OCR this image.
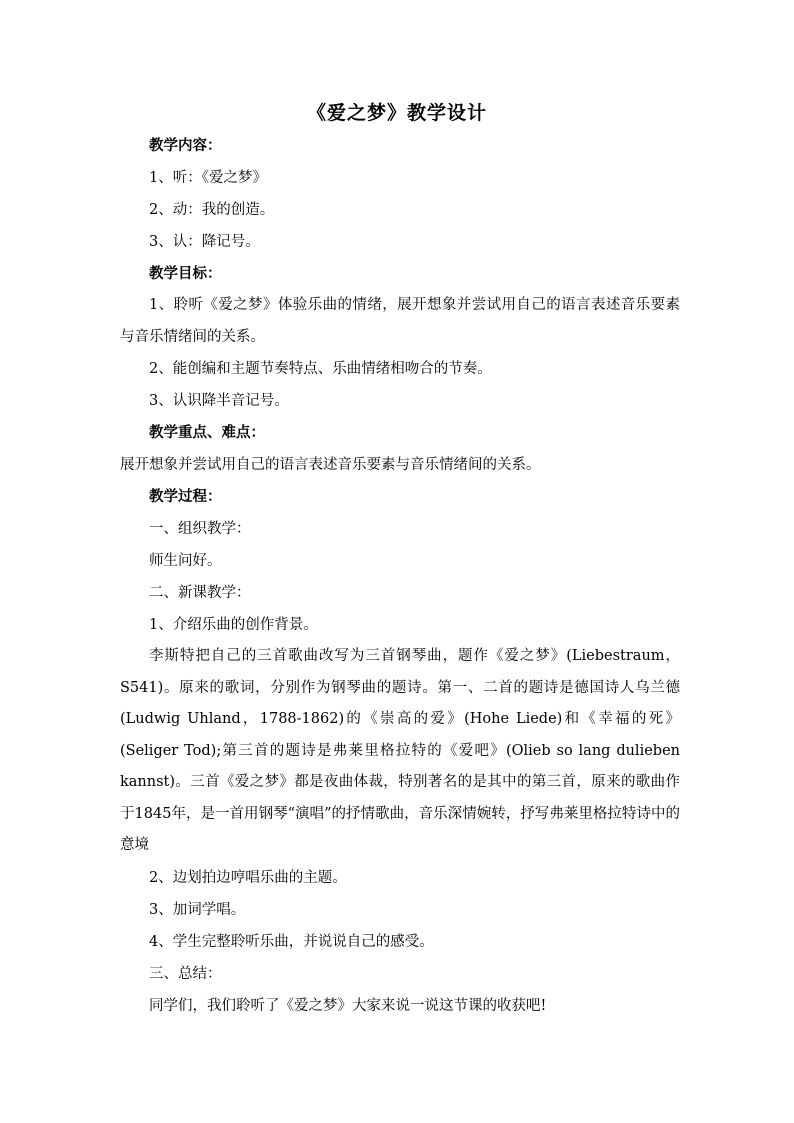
《爱之梦》教学设计
教学内容：
1、听：《爱之梦》
2、动：我的创造。
3、认：降记号。
教学目标：

1、聆听《爱之梦》体验乐曲的情绪，展开想象并尝试用自己的语言表述音乐要素与音乐情绪间的关系。

2、能创编和主题节奏特点、乐曲情绪相吻合的节奏。
3、认识降半音记号。
教学重点、难点：
展开想象并尝试用自己的语言表述音乐要素与音乐情绪间的关系。
教学过程：
一、组织教学：
师生问好。
二、新课教学：
1、介绍乐曲的创作背景。

李斯特把自己的三首歌曲改写为三首钢琴曲，题作《爱之梦》(Liebestraum，S541)。原来的歌词，分别作为钢琴曲的题诗。第一、二首的题诗是德国诗人乌兰德(Ludwig Uhland，1788-1862)的《崇高的爱》(Hohe Liede)和《幸福的死》(Seliger Tod);第三首的题诗是弗莱里格拉特的《爱吧》(Olieb so lang dulieben kannst)。三首《爱之梦》都是夜曲体裁，特别著名的是其中的第三首，原来的歌曲作于1845年，是一首用钢琴“演唱”的抒情歌曲，音乐深情婉转，抒写弗莱里格拉特诗中的意境

2、边划拍边哼唱乐曲的主题。
3、加词学唱。
4、学生完整聆听乐曲，并说说自己的感受。
三、总结：
同学们，我们聆听了《爱之梦》大家来说一说这节课的收获吧!
